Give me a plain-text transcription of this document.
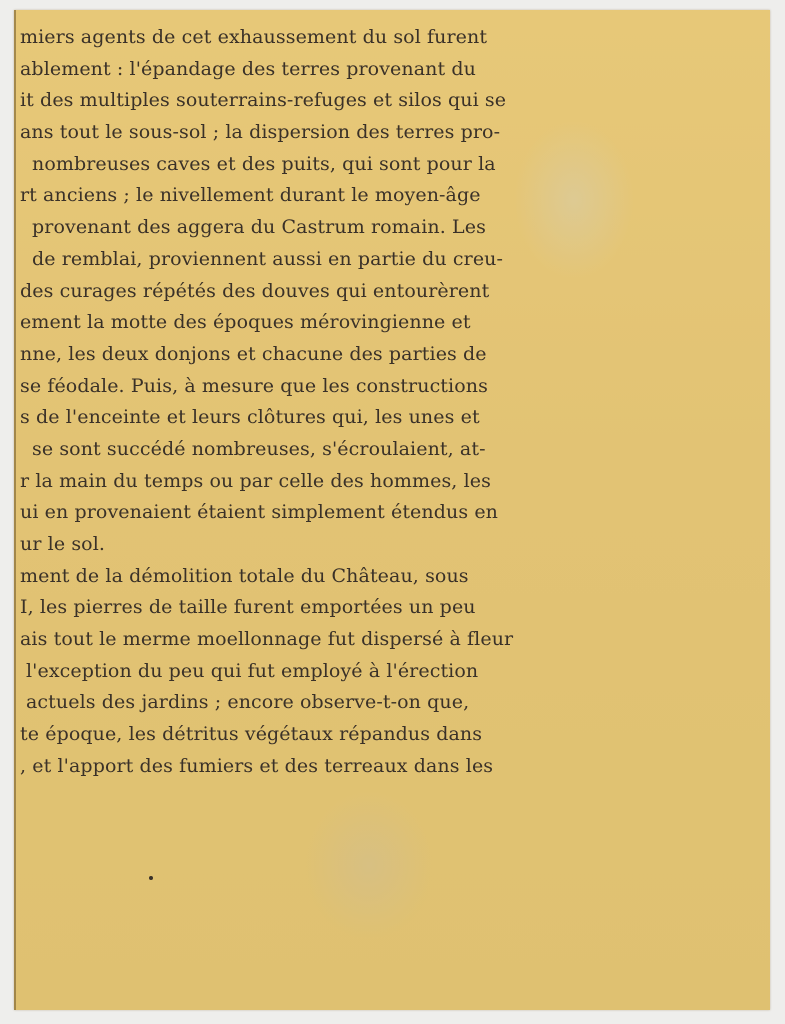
miers agents de cet exhaussement du sol furent
ablement : l'épandage des terres provenant du
it des multiples souterrains-refuges et silos qui se
ans tout le sous-sol ; la dispersion des terres pro-
nombreuses caves et des puits, qui sont pour la
rt anciens ; le nivellement durant le moyen-âge
provenant des aggera du Castrum romain. Les
de remblai, proviennent aussi en partie du creu-
des curages répétés des douves qui entourèrent
ement la motte des époques mérovingienne et
nne, les deux donjons et chacune des parties de
se féodale. Puis, à mesure que les constructions
s de l'enceinte et leurs clôtures qui, les unes et
se sont succédé nombreuses, s'écroulaient, at-
r la main du temps ou par celle des hommes, les
ui en provenaient étaient simplement étendus en
ur le sol.
ment de la démolition totale du Château, sous
I, les pierres de taille furent emportées un peu
ais tout le merme moellonnage fut dispersé à fleur
l'exception du peu qui fut employé à l'érection
actuels des jardins ; encore observe-t-on que,
te époque, les détritus végétaux répandus dans
, et l'apport des fumiers et des terreaux dans les
